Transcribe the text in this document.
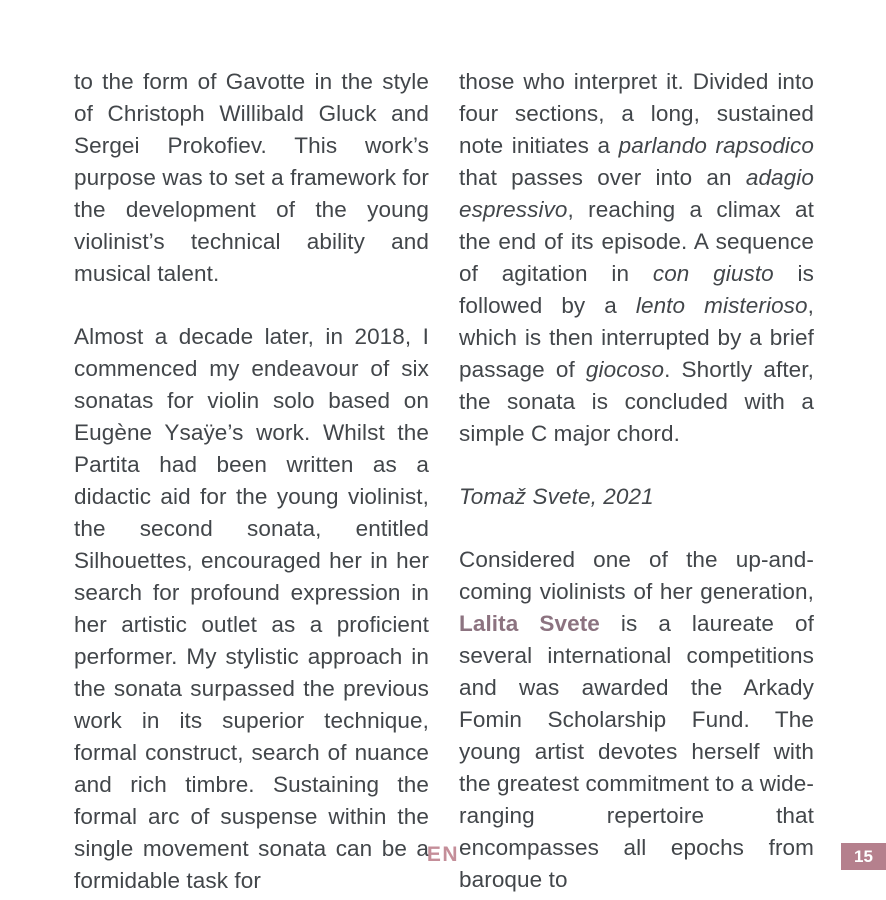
to the form of Gavotte in the style of Christoph Willibald Gluck and Sergei Prokofiev. This work’s purpose was to set a framework for the development of the young violinist’s technical ability and musical talent.

Almost a decade later, in 2018, I commenced my endeavour of six sonatas for violin solo based on Eugène Ysaÿe’s work. Whilst the Partita had been written as a didactic aid for the young violinist, the second sonata, entitled Silhouettes, encouraged her in her search for profound expression in her artistic outlet as a proficient performer. My stylistic approach in the sonata surpassed the previous work in its superior technique, formal construct, search of nuance and rich timbre. Sustaining the formal arc of suspense within the single movement sonata can be a formidable task for

those who interpret it. Divided into four sections, a long, sustained note initiates a parlando rapsodico that passes over into an adagio espressivo, reaching a climax at the end of its episode. A sequence of agitation in con giusto is followed by a lento misterioso, which is then interrupted by a brief passage of giocoso. Shortly after, the sonata is concluded with a simple C major chord.

Tomaž Svete, 2021

Considered one of the up-and-coming violinists of her generation, Lalita Svete is a laureate of several international competitions and was awarded the Arkady Fomin Scholarship Fund. The young artist devotes herself with the greatest commitment to a wide-ranging repertoire that encompasses all epochs from baroque to

EN	15
